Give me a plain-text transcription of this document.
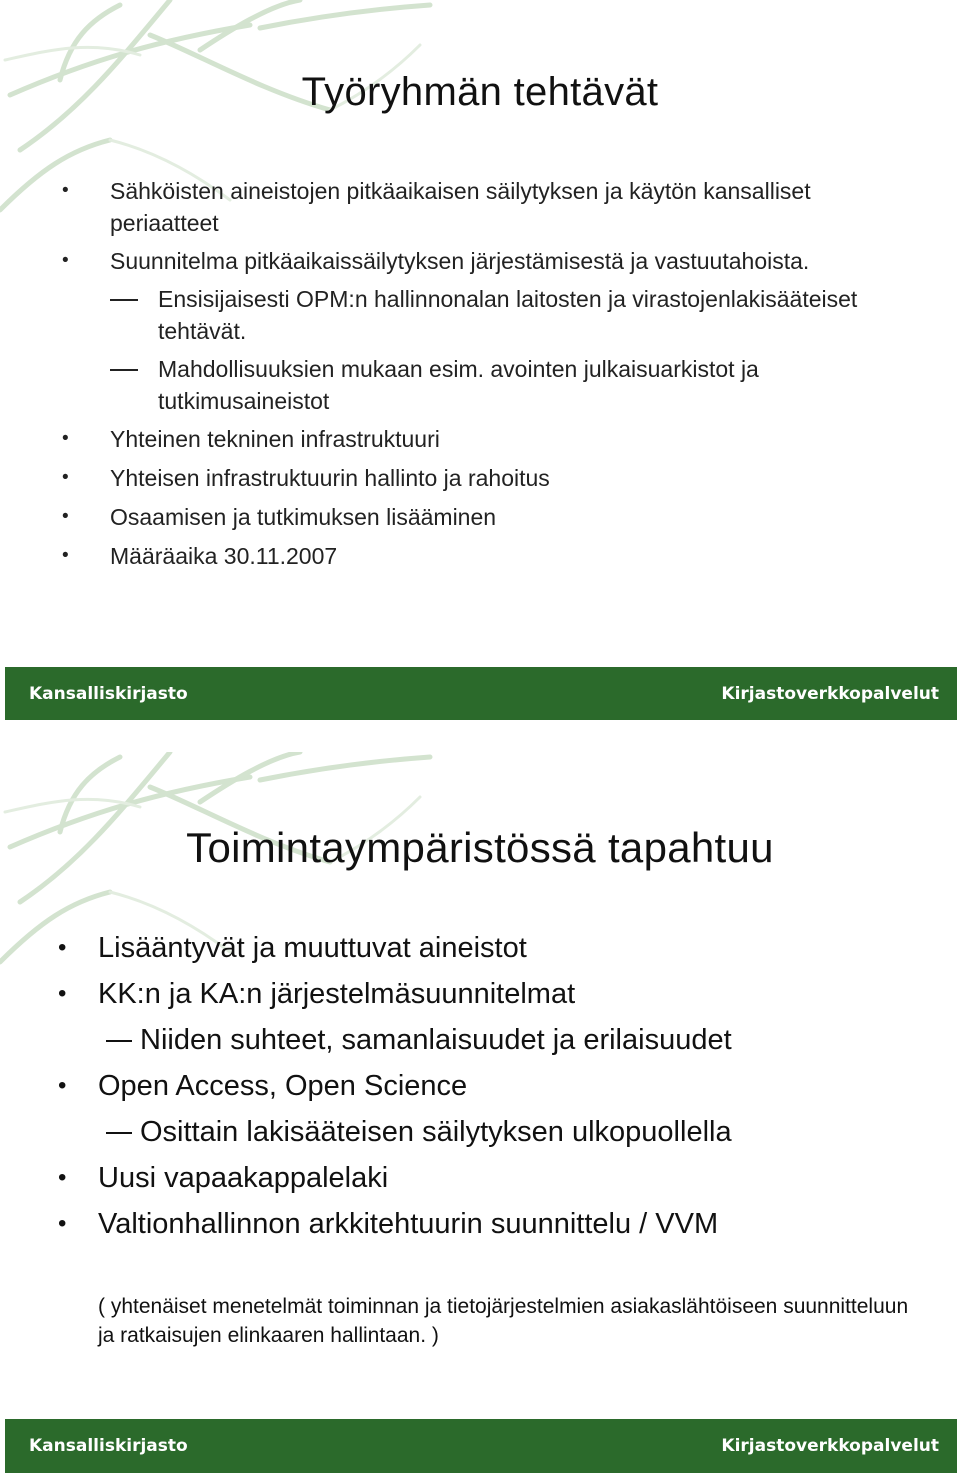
Työryhmän tehtävät
• Sähköisten aineistojen pitkäaikaisen säilytyksen ja käytön kansalliset periaatteet
• Suunnitelma pitkäaikaissäilytyksen järjestämisestä ja vastuutahoista.
Ensisijaisesti OPM:n hallinnonalan laitosten ja virastojenlakisääteiset tehtävät.
Mahdollisuuksien mukaan esim. avointen julkaisuarkistot ja tutkimusaineistot
• Yhteinen tekninen infrastruktuuri
• Yhteisen infrastruktuurin hallinto ja rahoitus
• Osaamisen ja tutkimuksen lisääminen
• Määräaika 30.11.2007
Kansalliskirjasto	Kirjastoverkkopalvelut
Toimintaympäristössä tapahtuu
• Lisääntyvät ja muuttuvat aineistot
• KK:n ja KA:n järjestelmäsuunnitelmat
Niiden suhteet, samanlaisuudet ja erilaisuudet
• Open Access, Open Science
Osittain lakisääteisen säilytyksen ulkopuollella
• Uusi vapaakappalelaki
• Valtionhallinnon arkkitehtuurin suunnittelu / VVM
( yhtenäiset menetelmät toiminnan ja tietojärjestelmien asiakaslähtöiseen suunnitteluun ja ratkaisujen elinkaaren hallintaan. )
Kansalliskirjasto	Kirjastoverkkopalvelut
